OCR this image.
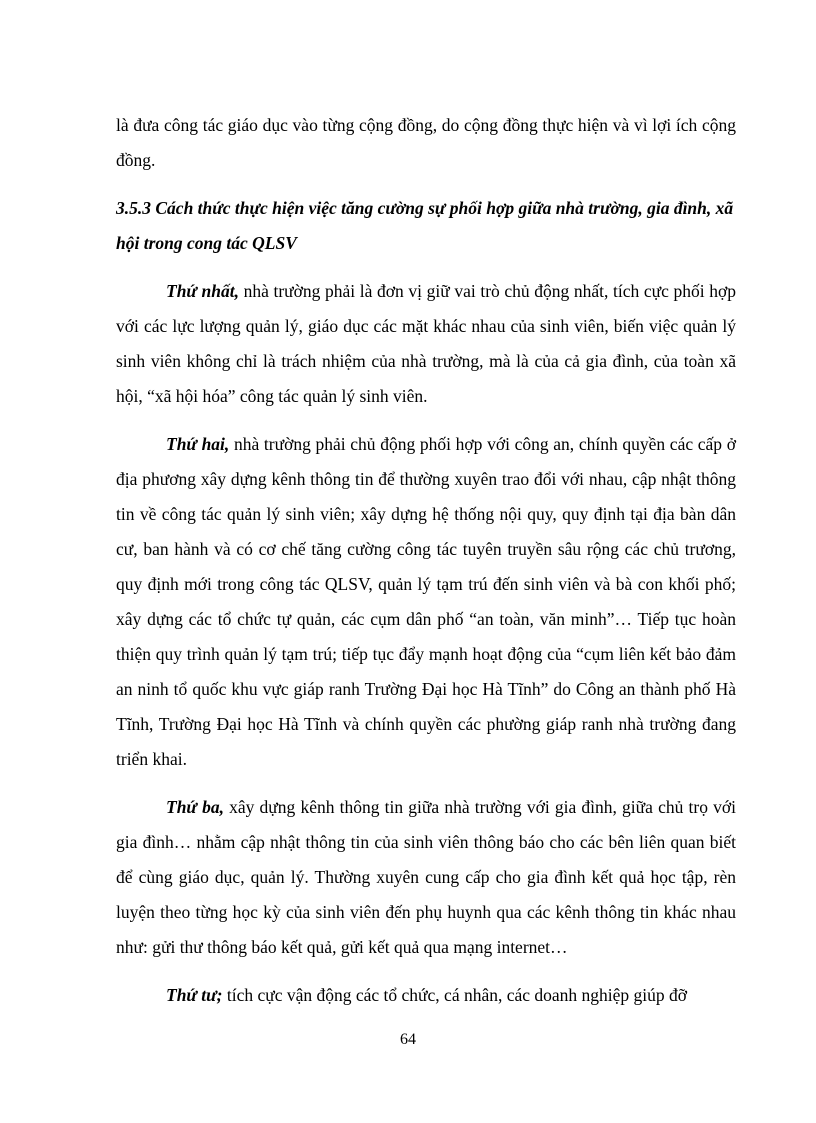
là đưa công tác giáo dục vào từng cộng đồng, do cộng đồng thực hiện và vì lợi ích cộng đồng.

3.5.3 Cách thức thực hiện việc tăng cường sự phối hợp giữa nhà trường, gia đình, xã hội trong cong tác QLSV

Thứ nhất, nhà trường phải là đơn vị giữ vai trò chủ động nhất, tích cực phối hợp với các lực lượng quản lý, giáo dục các mặt khác nhau của sinh viên, biến việc quản lý sinh viên không chỉ là trách nhiệm của nhà trường, mà là của cả gia đình, của toàn xã hội, “xã hội hóa” công tác quản lý sinh viên.

Thứ hai, nhà trường phải chủ động phối hợp với công an, chính quyền các cấp ở địa phương xây dựng kênh thông tin để thường xuyên trao đổi với nhau, cập nhật thông tin về công tác quản lý sinh viên; xây dựng hệ thống nội quy, quy định tại địa bàn dân cư, ban hành và có cơ chế tăng cường công tác tuyên truyền sâu rộng các chủ trương, quy định mới trong công tác QLSV, quản lý tạm trú đến sinh viên và bà con khối phố; xây dựng các tổ chức tự quản, các cụm dân phố “an toàn, văn minh”… Tiếp tục hoàn thiện quy trình quản lý tạm trú; tiếp tục đẩy mạnh hoạt động của “cụm liên kết bảo đảm an ninh tổ quốc khu vực giáp ranh Trường Đại học Hà Tĩnh” do Công an thành phố Hà Tĩnh, Trường Đại học Hà Tĩnh và chính quyền các phường giáp ranh nhà trường đang triển khai.

Thứ ba, xây dựng kênh thông tin giữa nhà trường với gia đình, giữa chủ trọ với gia đình… nhằm cập nhật thông tin của sinh viên thông báo cho các bên liên quan biết để cùng giáo dục, quản lý. Thường xuyên cung cấp cho gia đình kết quả học tập, rèn luyện theo từng học kỳ của sinh viên đến phụ huynh qua các kênh thông tin khác nhau như: gửi thư thông báo kết quả, gửi kết quả qua mạng internet…

Thứ tư; tích cực vận động các tổ chức, cá nhân, các doanh nghiệp giúp đỡ

64
